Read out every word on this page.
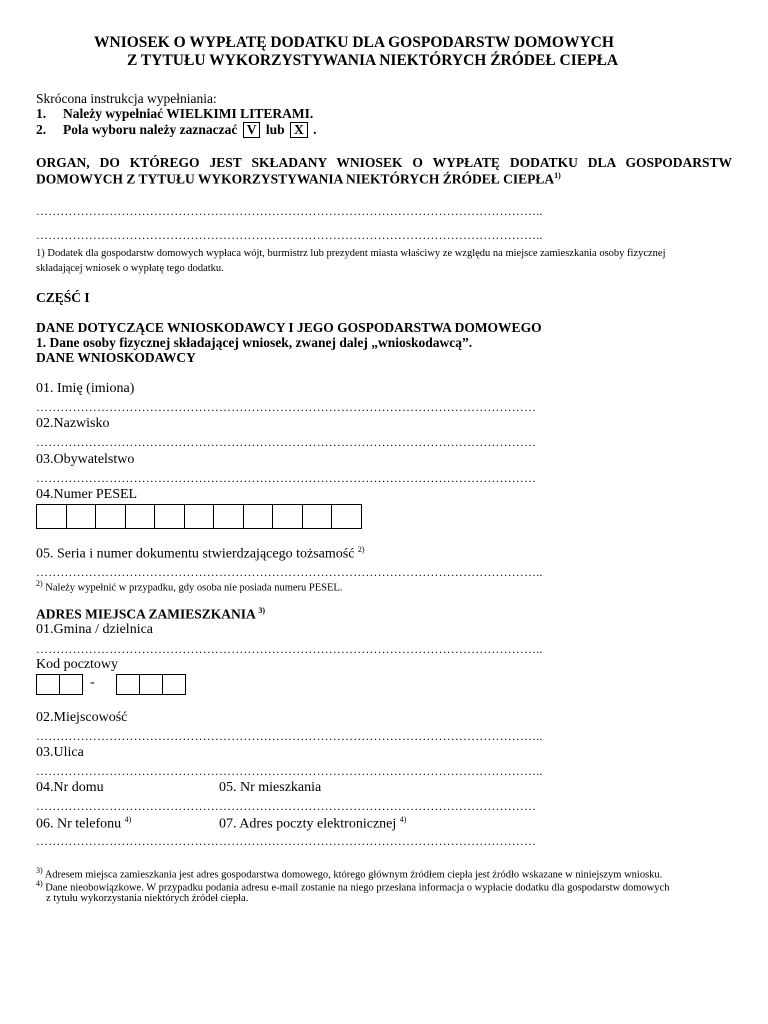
WNIOSEK O WYPŁATĘ DODATKU DLA GOSPODARSTW DOMOWYCH
Z TYTUŁU WYKORZYSTYWANIA NIEKTÓRYCH ŹRÓDEŁ CIEPŁA
Skrócona instrukcja wypełniania:
1. Należy wypełniać WIELKIMI LITERAMI.
2. Pola wyboru należy zaznaczać V lub X .
ORGAN, DO KTÓREGO JEST SKŁADANY WNIOSEK O WYPŁATĘ DODATKU DLA GOSPODARSTW
DOMOWYCH Z TYTUŁU WYKORZYSTYWANIA NIEKTÓRYCH ŹRÓDEŁ CIEPŁA$^{1)}$
……………………………………………………………………………………………………………..
……………………………………………………………………………………………………………..
1) Dodatek dla gospodarstw domowych wypłaca wójt, burmistrz lub prezydent miasta właściwy ze względu na miejsce zamieszkania osoby fizycznej
składającej wniosek o wypłatę tego dodatku.
CZĘŚĆ I
DANE DOTYCZĄCE WNIOSKODAWCY I JEGO GOSPODARSTWA DOMOWEGO
1. Dane osoby fizycznej składającej wniosek, zwanej dalej „wnioskodawcą”.
DANE WNIOSKODAWCY
01. Imię (imiona)
……………………………………………………………………………………………………………
02.Nazwisko
……………………………………………………………………………………………………………
03.Obywatelstwo
……………………………………………………………………………………………………………
04.Numer PESEL
05. Seria i numer dokumentu stwierdzającego tożsamość $^{2)}$
……………………………………………………………………………………………………………..
$^{2)}$ Należy wypełnić w przypadku, gdy osoba nie posiada numeru PESEL.
ADRES MIEJSCA ZAMIESZKANIA $^{3)}$
01.Gmina / dzielnica
……………………………………………………………………………………………………………..
Kod pocztowy
-
02.Miejscowość
……………………………………………………………………………………………………………..
03.Ulica
……………………………………………………………………………………………………………..
04.Nr domu	05. Nr mieszkania
……………………………………………………………………………………………………………
06. Nr telefonu $^{4)}$	07. Adres poczty elektronicznej $^{4)}$
……………………………………………………………………………………………………………
$^{3)}$ Adresem miejsca zamieszkania jest adres gospodarstwa domowego, którego głównym źródłem ciepła jest źródło wskazane w niniejszym wniosku.
$^{4)}$ Dane nieobowiązkowe. W przypadku podania adresu e-mail zostanie na niego przesłana informacja o wypłacie dodatku dla gospodarstw domowych
z tytułu wykorzystania niektórych źródeł ciepła.
